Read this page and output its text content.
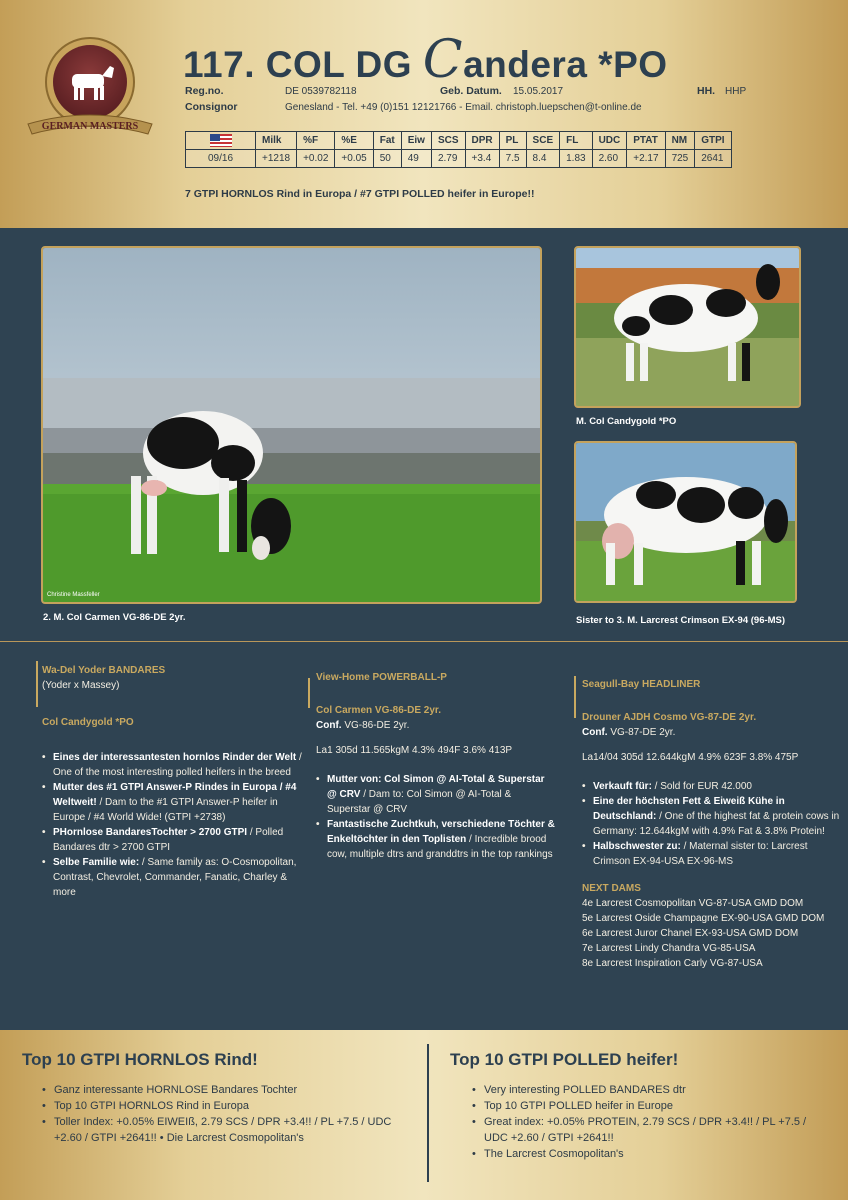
GERMAN MASTERS
117. COL DG Candera *PO
Reg.no.	DE 0539782118	Geb. Datum. 15.05.2017	HH. HHP
Consignor	Genesland - Tel. +49 (0)151 12121766 - Email. christoph.luepschen@t-online.de
	Milk	%F	%E	Fat	Eiw	SCS	DPR	PL	SCE	FL	UDC	PTAT	NM	GTPI
09/16	+1218	+0.02	+0.05	50	49	2.79	+3.4	7.5	8.4	1.83	2.60	+2.17	725	2641
7 GTPI HORNLOS Rind in Europa / #7 GTPI POLLED heifer in Europe!!
Christine Massfeller
2. M. Col Carmen VG-86-DE 2yr.
M. Col Candygold *PO
Sister to 3. M. Larcrest Crimson EX-94 (96-MS)
Wa-Del Yoder BANDARES
(Yoder x Massey)
Col Candygold *PO
• Eines der interessantesten hornlos Rinder der Welt / One of the most interesting polled heifers in the breed
• Mutter des #1 GTPI Answer-P Rindes in Europa / #4 Weltweit! / Dam to the #1 GTPI Answer-P heifer in Europe / #4 World Wide! (GTPI +2738)
• PHornlose BandaresTochter > 2700 GTPI / Polled Bandares dtr > 2700 GTPI
• Selbe Familie wie: / Same family as: O-Cosmopolitan, Contrast, Chevrolet, Commander, Fanatic, Charley & more
View-Home POWERBALL-P
Col Carmen VG-86-DE 2yr.
Conf. VG-86-DE 2yr.
La1 305d 11.565kgM 4.3% 494F 3.6% 413P
• Mutter von: Col Simon @ AI-Total & Superstar @ CRV / Dam to: Col Simon @ AI-Total & Superstar @ CRV
• Fantastische Zuchtkuh, verschiedene Töchter & Enkeltöchter in den Toplisten / Incredible brood cow, multiple dtrs and granddtrs in the top rankings
Seagull-Bay HEADLINER
Drouner AJDH Cosmo VG-87-DE 2yr.
Conf. VG-87-DE 2yr.
La14/04 305d 12.644kgM 4.9% 623F 3.8% 475P
• Verkauft für: / Sold for EUR 42.000
• Eine der höchsten Fett & Eiweiß Kühe in Deutschland: / One of the highest fat & protein cows in Germany: 12.644kgM with 4.9% Fat & 3.8% Protein!
• Halbschwester zu: / Maternal sister to: Larcrest Crimson EX-94-USA EX-96-MS
NEXT DAMS
4e Larcrest Cosmopolitan VG-87-USA GMD DOM
5e Larcrest Oside Champagne EX-90-USA GMD DOM
6e Larcrest Juror Chanel EX-93-USA GMD DOM
7e Larcrest Lindy Chandra VG-85-USA
8e Larcrest Inspiration Carly VG-87-USA
Top 10 GTPI HORNLOS Rind!
• Ganz interessante HORNLOSE Bandares Tochter
• Top 10 GTPI HORNLOS Rind in Europa
• Toller Index: +0.05% EIWEIß, 2.79 SCS / DPR +3.4!! / PL +7.5 / UDC +2.60 / GTPI +2641!! • Die Larcrest Cosmopolitan's
Top 10 GTPI POLLED heifer!
• Very interesting POLLED BANDARES dtr
• Top 10 GTPI POLLED heifer in Europe
• Great index: +0.05% PROTEIN, 2.79 SCS / DPR +3.4!! / PL +7.5 / UDC +2.60 / GTPI +2641!!
• The Larcrest Cosmopolitan's
